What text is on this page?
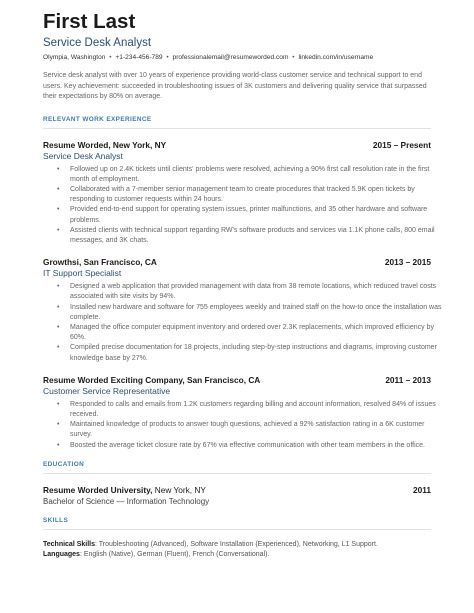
First Last
Service Desk Analyst
Olympia, Washington • +1-234-456-789 • professionalemail@resumeworded.com • linkedin.com/in/username
Service desk analyst with over 10 years of experience providing world-class customer service and technical support to end users. Key achievement: succeeded in troubleshooting issues of 3K customers and delivering quality service that surpassed their expectations by 80% on average.
RELEVANT WORK EXPERIENCE
Resume Worded, New York, NY	2015 – Present
Service Desk Analyst
• Followed up on 2.4K tickets until clients' problems were resolved, achieving a 90% first call resolution rate in the first month of employment.
• Collaborated with a 7-member senior management team to create procedures that tracked 5.9K open tickets by responding to customer requests within 24 hours.
• Provided end-to-end support for operating system issues, printer malfunctions, and 35 other hardware and software problems.
• Assisted clients with technical support regarding RW's software products and services via 1.1K phone calls, 800 email messages, and 3K chats.
Growthsi, San Francisco, CA	2013 – 2015
IT Support Specialist
• Designed a web application that provided management with data from 38 remote locations, which reduced travel costs associated with site visits by 94%.
• Installed new hardware and software for 755 employees weekly and trained staff on the how-to once the installation was complete.
• Managed the office computer equipment inventory and ordered over 2.3K replacements, which improved efficiency by 60%.
• Compiled precise documentation for 18 projects, including step-by-step instructions and diagrams, improving customer knowledge base by 27%.
Resume Worded Exciting Company, San Francisco, CA	2011 – 2013
Customer Service Representative
• Responded to calls and emails from 1.2K customers regarding billing and account information, resolved 84% of issues received.
• Maintained knowledge of products to answer tough questions, achieved a 92% satisfaction rating in a 6K customer survey.
• Boosted the average ticket closure rate by 67% via effective communication with other team members in the office.
EDUCATION
Resume Worded University, New York, NY	2011
Bachelor of Science — Information Technology
SKILLS
Technical Skills: Troubleshooting (Advanced), Software Installation (Experienced), Networking, L1 Support.
Languages: English (Native), German (Fluent), French (Conversational).
